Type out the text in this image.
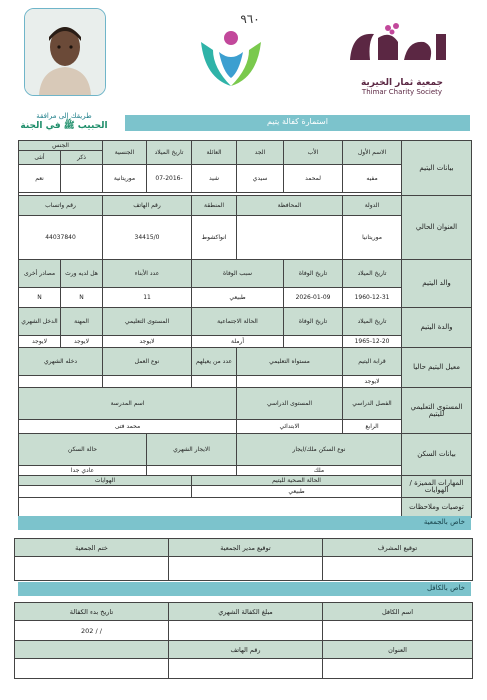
طريقك إلى مرافقة
الحبيب ﷺ في الجنة
٩٦٠
جمعية ثمار الخيرية
Thimar Charity Society
استمارة كفالة يتيم
الجنس		الجنسية	تاريخ الميلاد	العائلة	الجد	الأب	الاسم الأول	بيانات اليتيم
أنثى	ذكر							
نعم		موريتانية	07-2016-	شيد	سيدي	لمحمد	مفيه	

رقم واتساب		رقم الهاتف		المنطقة	المحافظة		الدولة	العنوان الحالي
44037840		34415/0		انواكشوط			موريتانيا	
مصادر أخرى	هل لديه ورث	عدد الأبناء		سبب الوفاة		تاريخ الوفاة	تاريخ الميلاد	والد اليتيم
N	N	11		طبيعي		2026-01-09	1960-12-31	
الدخل الشهري	المهنة	المستوى التعليمي		الحالة الاجتماعية		تاريخ الوفاة	تاريخ الميلاد	والدة اليتيم
لايوجد	لايوجد	لايوجد		أرملة			1965-12-20	
دخله الشهري		نوع العمل		عدد من يعيلهم	مستواه التعليمي		قرابة اليتيم	معيل اليتيم حاليا
							لايوجد	
اسم المدرسة					المستوى الدراسي		الفصل الدراسي	المستوى التعليمي لليتيم
محمد فتى					الابتدائي		الرابع	
حالة السكن			الايجار الشهري		نوع السكن ملك/ايجار			بيانات السكن
عادي جدا					ملك			
الهوايات				الحالة الصحية لليتيم				المهارات المميزة / الهوايات
				طبيعي				
								توصيات وملاحظات
خاص بالجمعية
ختم الجمعية	توقيع مدير الجمعية	توقيع المشرف

خاص بالكافل
تاريخ بدء الكفالة	مبلغ الكفالة الشهري	اسم الكافل
202 / /		
	رقم الهاتف	العنوان
